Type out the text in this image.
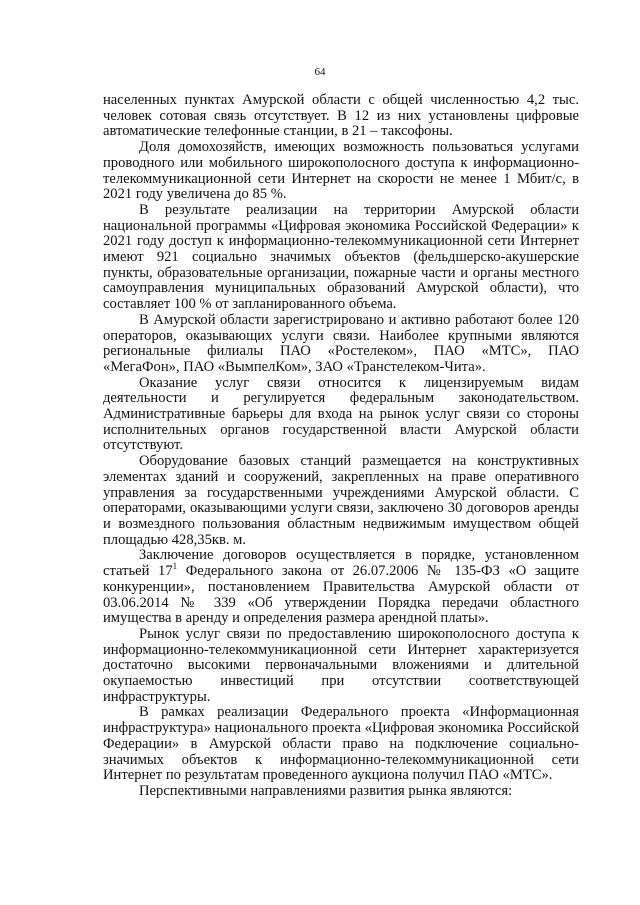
64

населенных пунктах Амурской области с общей численностью 4,2 тыс. человек сотовая связь отсутствует. В 12 из них установлены цифровые автоматические телефонные станции, в 21 – таксофоны.

Доля домохозяйств, имеющих возможность пользоваться услугами проводного или мобильного широкополосного доступа к информационно-телекоммуникационной сети Интернет на скорости не менее 1 Мбит/с, в 2021 году увеличена до 85 %.

В результате реализации на территории Амурской области национальной программы «Цифровая экономика Российской Федерации» к 2021 году доступ к информационно-телекоммуникационной сети Интернет имеют 921 социально значимых объектов (фельдшерско-акушерские пункты, образовательные организации, пожарные части и органы местного самоуправления муниципальных образований Амурской области), что составляет 100 % от запланированного объема.

В Амурской области зарегистрировано и активно работают более 120 операторов, оказывающих услуги связи. Наиболее крупными являются региональные филиалы ПАО «Ростелеком», ПАО «МТС», ПАО «МегаФон», ПАО «ВымпелКом», ЗАО «Транстелеком-Чита».

Оказание услуг связи относится к лицензируемым видам деятельности и регулируется федеральным законодательством. Административные барьеры для входа на рынок услуг связи со стороны исполнительных органов государственной власти Амурской области отсутствуют.

Оборудование базовых станций размещается на конструктивных элементах зданий и сооружений, закрепленных на праве оперативного управления за государственными учреждениями Амурской области. С операторами, оказывающими услуги связи, заключено 30 договоров аренды и возмездного пользования областным недвижимым имуществом общей площадью 428,35кв. м.

Заключение договоров осуществляется в порядке, установленном статьей $17^1$ Федерального закона от 26.07.2006 № 135-ФЗ «О защите конкуренции», постановлением Правительства Амурской области от 03.06.2014 № 339 «Об утверждении Порядка передачи областного имущества в аренду и определения размера арендной платы».

Рынок услуг связи по предоставлению широкополосного доступа к информационно-телекоммуникационной сети Интернет характеризуется достаточно высокими первоначальными вложениями и длительной окупаемостью инвестиций при отсутствии соответствующей инфраструктуры.

В рамках реализации Федерального проекта «Информационная инфраструктура» национального проекта «Цифровая экономика Российской Федерации» в Амурской области право на подключение социально-значимых объектов к информационно-телекоммуникационной сети Интернет по результатам проведенного аукциона получил ПАО «МТС».

Перспективными направлениями развития рынка являются:
